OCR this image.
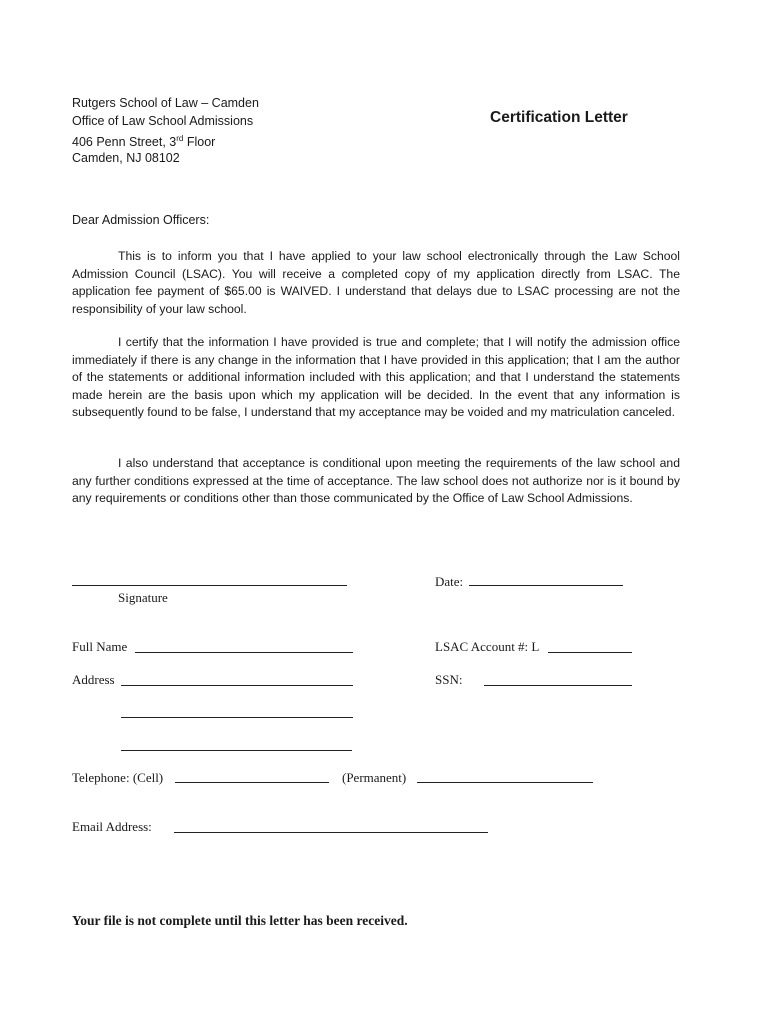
Rutgers School of Law – Camden
Office of Law School Admissions
406 Penn Street, 3rd Floor
Camden, NJ 08102
Certification Letter
Dear Admission Officers:

This is to inform you that I have applied to your law school electronically through the Law School Admission Council (LSAC). You will receive a completed copy of my application directly from LSAC. The application fee payment of $65.00 is WAIVED. I understand that delays due to LSAC processing are not the responsibility of your law school.

I certify that the information I have provided is true and complete; that I will notify the admission office immediately if there is any change in the information that I have provided in this application; that I am the author of the statements or additional information included with this application; and that I understand the statements made herein are the basis upon which my application will be decided. In the event that any information is subsequently found to be false, I understand that my acceptance may be voided and my matriculation canceled.

I also understand that acceptance is conditional upon meeting the requirements of the law school and any further conditions expressed at the time of acceptance. The law school does not authorize nor is it bound by any requirements or conditions other than those communicated by the Office of Law School Admissions.

Signature
Date:
Full Name	LSAC Account #: L
Address	SSN:
Telephone: (Cell)	(Permanent)
Email Address:
Your file is not complete until this letter has been received.
